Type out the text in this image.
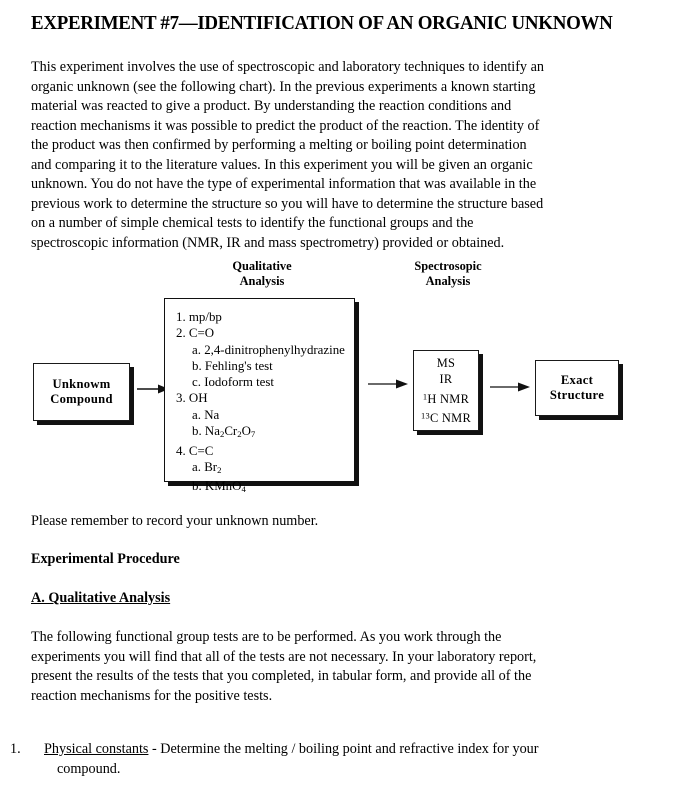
EXPERIMENT #7—IDENTIFICATION OF AN ORGANIC UNKNOWN
This experiment involves the use of spectroscopic and laboratory techniques to identify an
organic unknown (see the following chart). In the previous experiments a known starting
material was reacted to give a product. By understanding the reaction conditions and
reaction mechanisms it was possible to predict the product of the reaction. The identity of
the product was then confirmed by performing a melting or boiling point determination
and comparing it to the literature values. In this experiment you will be given an organic
unknown. You do not have the type of experimental information that was available in the
previous work to determine the structure so you will have to determine the structure based
on a number of simple chemical tests to identify the functional groups and the
spectroscopic information (NMR, IR and mass spectrometry) provided or obtained.
Qualitative
Analysis
Spectrosopic
Analysis
Unknowm
Compound
1. mp/bp
2. C=O
a. 2,4-dinitrophenylhydrazine
b. Fehling's test
c. Iodoform test
3. OH
a. Na
b. $Na_2Cr_2O_7$
4. C=C
a. $Br_2$
b. KMnO$_4$
MS
IR
$^1$H NMR
$^{13}$C NMR
Exact
Structure
Please remember to record your unknown number.
Experimental Procedure
A. Qualitative Analysis
The following functional group tests are to be performed. As you work through the
experiments you will find that all of the tests are not necessary. In your laboratory report,
present the results of the tests that you completed, in tabular form, and provide all of the
reaction mechanisms for the positive tests.
1. Physical constants - Determine the melting / boiling point and refractive index for your
compound.
